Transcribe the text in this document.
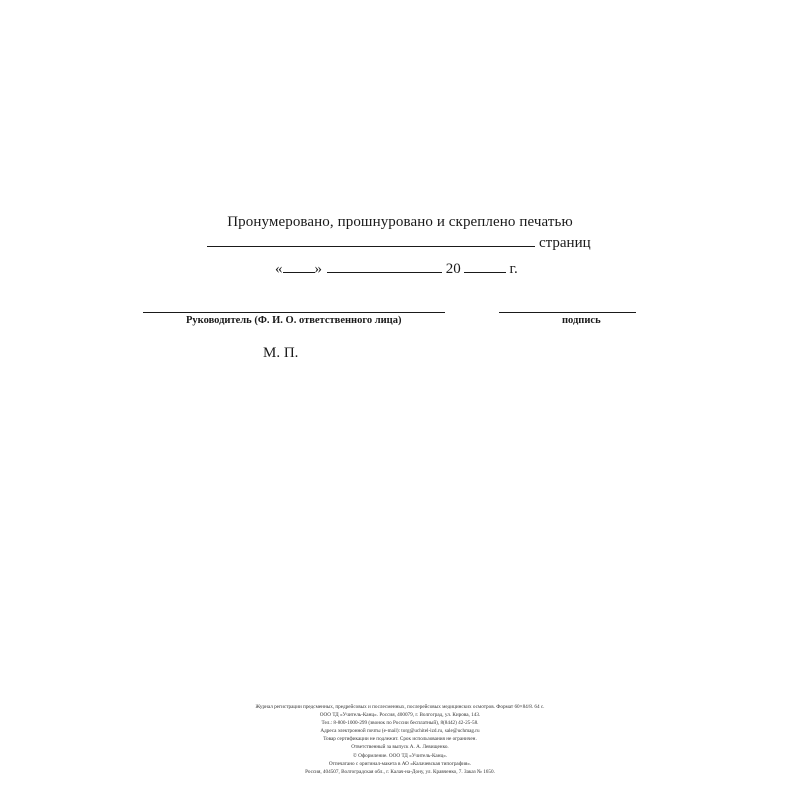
Пронумеровано, прошнуровано и скреплено печатью
страниц
« »	20	г.
Руководитель (Ф. И. О. ответственного лица)	подпись
М. П.
Журнал регистрации предсменных, предрейсовых и послесменных, послерейсовых медицинских осмотров. Формат 60×84/8. 64 с.
ООО ТД «Учитель-Канц». Россия, 400079, г. Волгоград, ул. Кирова, 143.
Тел.: 8-800-1000-299 (звонок по России бесплатный), 8(8442) 42-25-58.
Адреса электронной почты (e-mail): torg@uchitel-izd.ru, sale@uchmag.ru
Товар сертификации не подлежит. Срок использования не ограничен.
Ответственный за выпуск А. А. Левищенко.
© Оформление. ООО ТД «Учитель-Канц».
Отпечатано с оригинал-макета в АО «Калачевская типография».
Россия, 404507, Волгоградская обл., г. Калач-на-Дону, ул. Кравченко, 7. Заказ № 1650.
